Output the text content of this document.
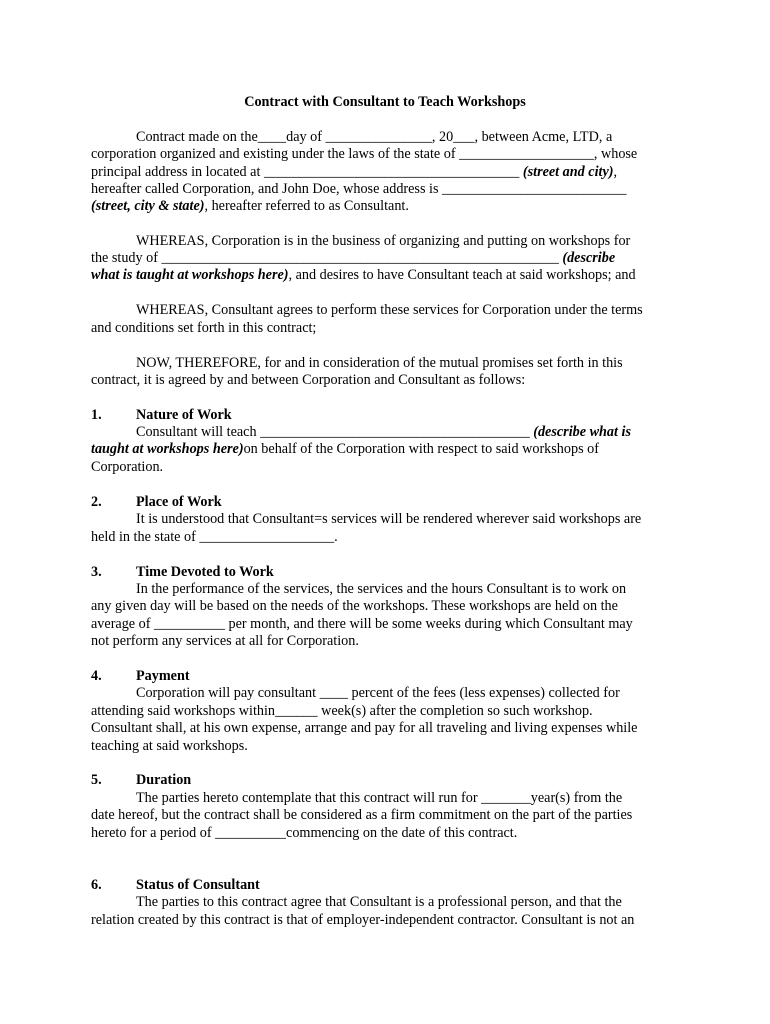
Contract with Consultant to Teach Workshops
Contract made on the____day of _______________, 20___, between Acme, LTD, a
corporation organized and existing under the laws of the state of ___________________, whose
principal address in located at ____________________________________ (street and city),
hereafter called Corporation, and John Doe, whose address is __________________________
(street, city & state), hereafter referred to as Consultant.
WHEREAS, Corporation is in the business of organizing and putting on workshops for
the study of ________________________________________________________ (describe
what is taught at workshops here), and desires to have Consultant teach at said workshops; and
WHEREAS, Consultant agrees to perform these services for Corporation under the terms
and conditions set forth in this contract;
NOW, THEREFORE, for and in consideration of the mutual promises set forth in this
contract, it is agreed by and between Corporation and Consultant as follows:
1. Nature of Work
Consultant will teach ______________________________________ (describe what is
taught at workshops here)on behalf of the Corporation with respect to said workshops of
Corporation.
2. Place of Work
It is understood that Consultant=s services will be rendered wherever said workshops are
held in the state of ___________________.
3. Time Devoted to Work
In the performance of the services, the services and the hours Consultant is to work on
any given day will be based on the needs of the workshops. These workshops are held on the
average of __________ per month, and there will be some weeks during which Consultant may
not perform any services at all for Corporation.
4. Payment
Corporation will pay consultant ____ percent of the fees (less expenses) collected for
attending said workshops within______ week(s) after the completion so such workshop.
Consultant shall, at his own expense, arrange and pay for all traveling and living expenses while
teaching at said workshops.
5. Duration
The parties hereto contemplate that this contract will run for _______year(s) from the
date hereof, but the contract shall be considered as a firm commitment on the part of the parties
hereto for a period of __________commencing on the date of this contract.
6. Status of Consultant
The parties to this contract agree that Consultant is a professional person, and that the
relation created by this contract is that of employer-independent contractor. Consultant is not an
